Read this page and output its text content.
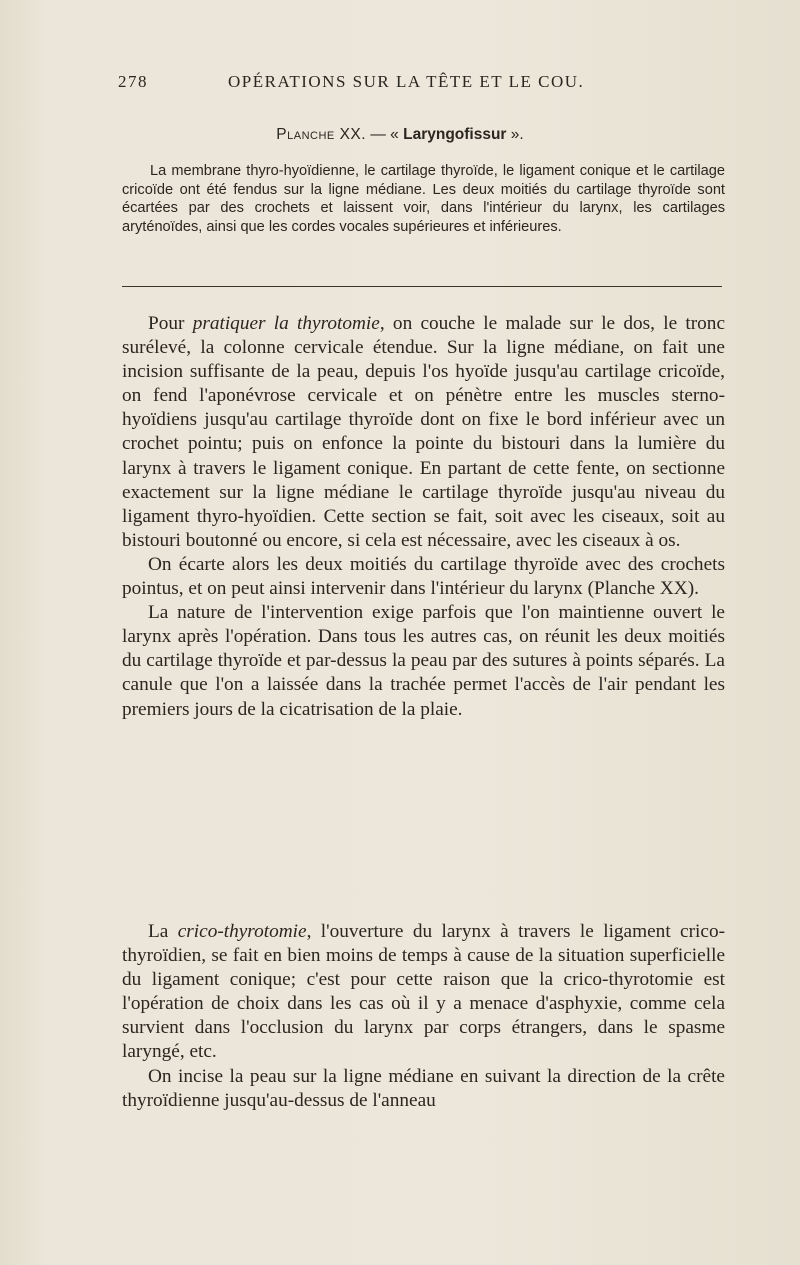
278	OPÉRATIONS SUR LA TÊTE ET LE COU.
Planche XX. — « Laryngofissur ».

La membrane thyro-hyoïdienne, le cartilage thyroïde, le ligament conique et le cartilage cricoïde ont été fendus sur la ligne médiane. Les deux moitiés du cartilage thyroïde sont écartées par des crochets et laissent voir, dans l'intérieur du larynx, les cartilages aryténoïdes, ainsi que les cordes vocales supérieures et inférieures.

Pour pratiquer la thyrotomie, on couche le malade sur le dos, le tronc surélevé, la colonne cervicale étendue. Sur la ligne médiane, on fait une incision suffisante de la peau, depuis l'os hyoïde jusqu'au cartilage cricoïde, on fend l'aponévrose cervicale et on pénètre entre les muscles sterno-hyoïdiens jusqu'au cartilage thyroïde dont on fixe le bord inférieur avec un crochet pointu; puis on enfonce la pointe du bistouri dans la lumière du larynx à travers le ligament conique. En partant de cette fente, on sectionne exactement sur la ligne médiane le cartilage thyroïde jusqu'au niveau du ligament thyro-hyoïdien. Cette section se fait, soit avec les ciseaux, soit au bistouri boutonné ou encore, si cela est nécessaire, avec les ciseaux à os.

On écarte alors les deux moitiés du cartilage thyroïde avec des crochets pointus, et on peut ainsi intervenir dans l'intérieur du larynx (Planche XX).

La nature de l'intervention exige parfois que l'on maintienne ouvert le larynx après l'opération. Dans tous les autres cas, on réunit les deux moitiés du cartilage thyroïde et par-dessus la peau par des sutures à points séparés. La canule que l'on a laissée dans la trachée permet l'accès de l'air pendant les premiers jours de la cicatrisation de la plaie.

La crico-thyrotomie, l'ouverture du larynx à travers le ligament crico-thyroïdien, se fait en bien moins de temps à cause de la situation superficielle du ligament conique; c'est pour cette raison que la crico-thyrotomie est l'opération de choix dans les cas où il y a menace d'asphyxie, comme cela survient dans l'occlusion du larynx par corps étrangers, dans le spasme laryngé, etc.

On incise la peau sur la ligne médiane en suivant la direction de la crête thyroïdienne jusqu'au-dessus de l'anneau
